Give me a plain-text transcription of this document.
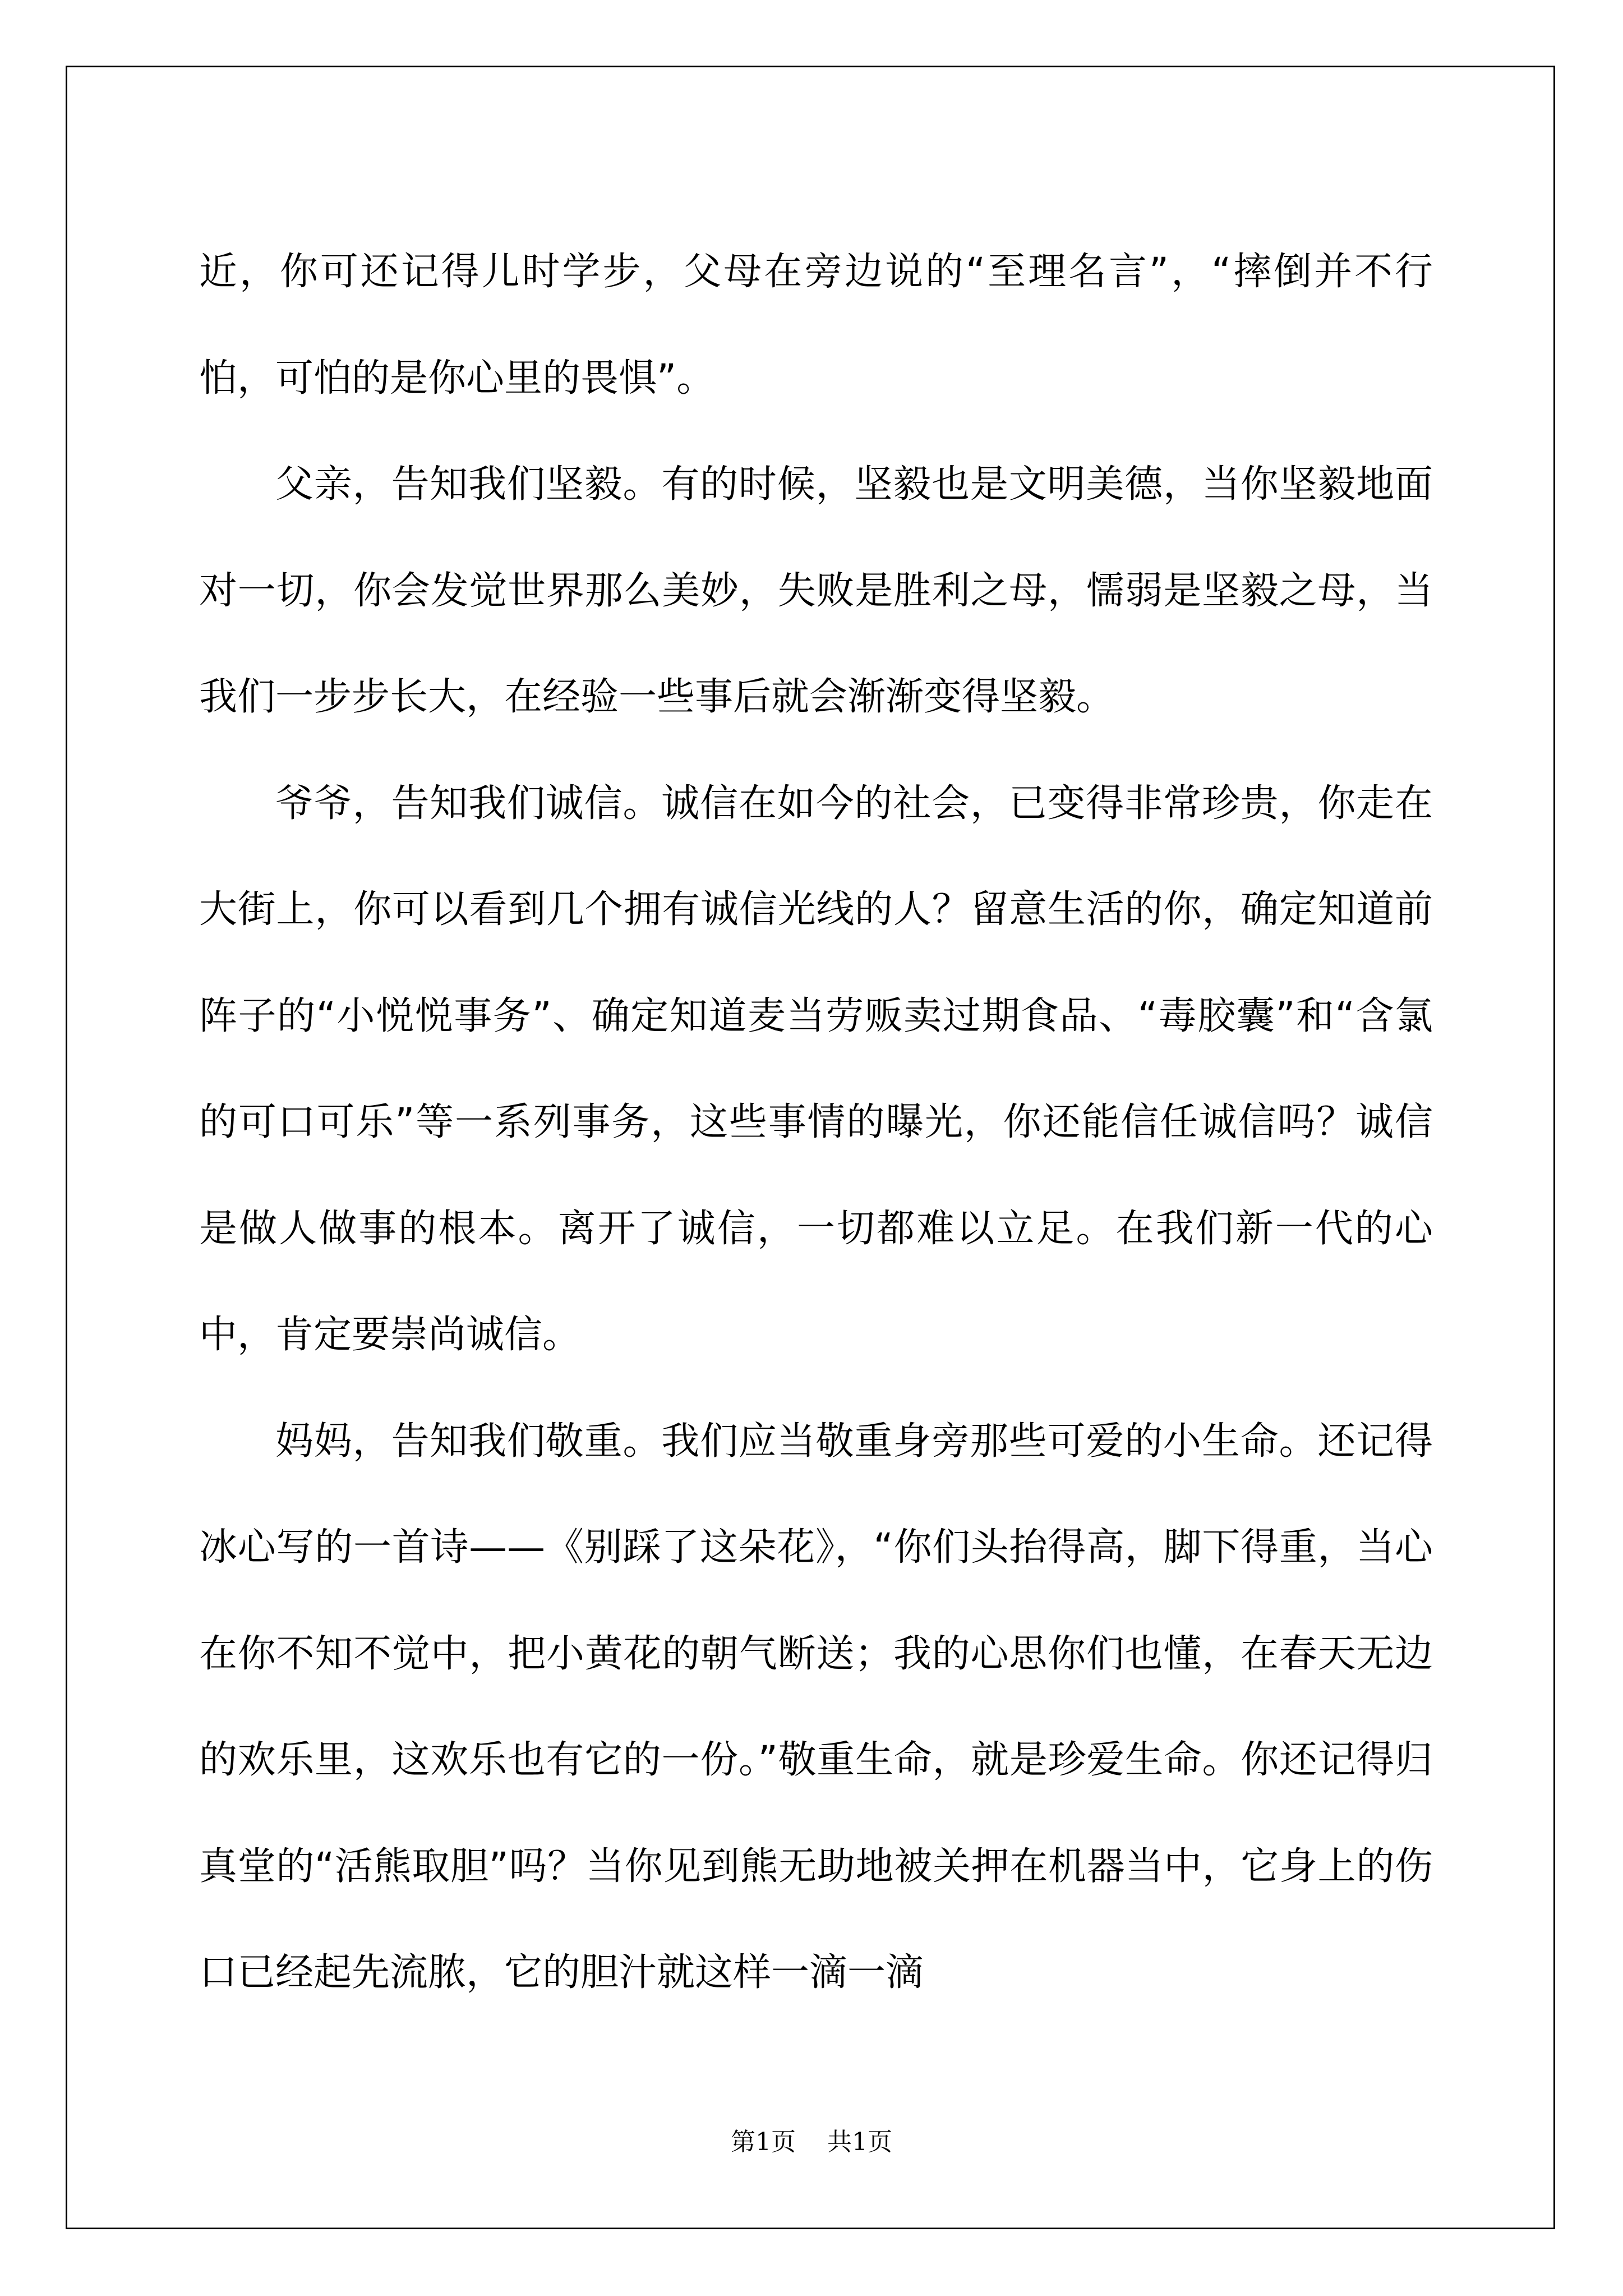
近，你可还记得儿时学步，父母在旁边说的“至理名言”，“摔倒并不行怕，可怕的是你心里的畏惧”。

父亲，告知我们坚毅。有的时候，坚毅也是文明美德，当你坚毅地面对一切，你会发觉世界那么美妙，失败是胜利之母，懦弱是坚毅之母，当我们一步步长大，在经验一些事后就会渐渐变得坚毅。

爷爷，告知我们诚信。诚信在如今的社会，已变得非常珍贵，你走在大街上，你可以看到几个拥有诚信光线的人？留意生活的你，确定知道前阵子的“小悦悦事务”、确定知道麦当劳贩卖过期食品、“毒胶囊”和“含氯的可口可乐”等一系列事务，这些事情的曝光，你还能信任诚信吗？诚信是做人做事的根本。离开了诚信，一切都难以立足。在我们新一代的心中，肯定要崇尚诚信。

妈妈，告知我们敬重。我们应当敬重身旁那些可爱的小生命。还记得冰心写的一首诗——《别踩了这朵花》，“你们头抬得高，脚下得重，当心在你不知不觉中，把小黄花的朝气断送；我的心思你们也懂，在春天无边的欢乐里，这欢乐也有它的一份。”敬重生命，就是珍爱生命。你还记得归真堂的“活熊取胆”吗？当你见到熊无助地被关押在机器当中，它身上的伤口已经起先流脓，它的胆汁就这样一滴一滴

第1页    共1页
